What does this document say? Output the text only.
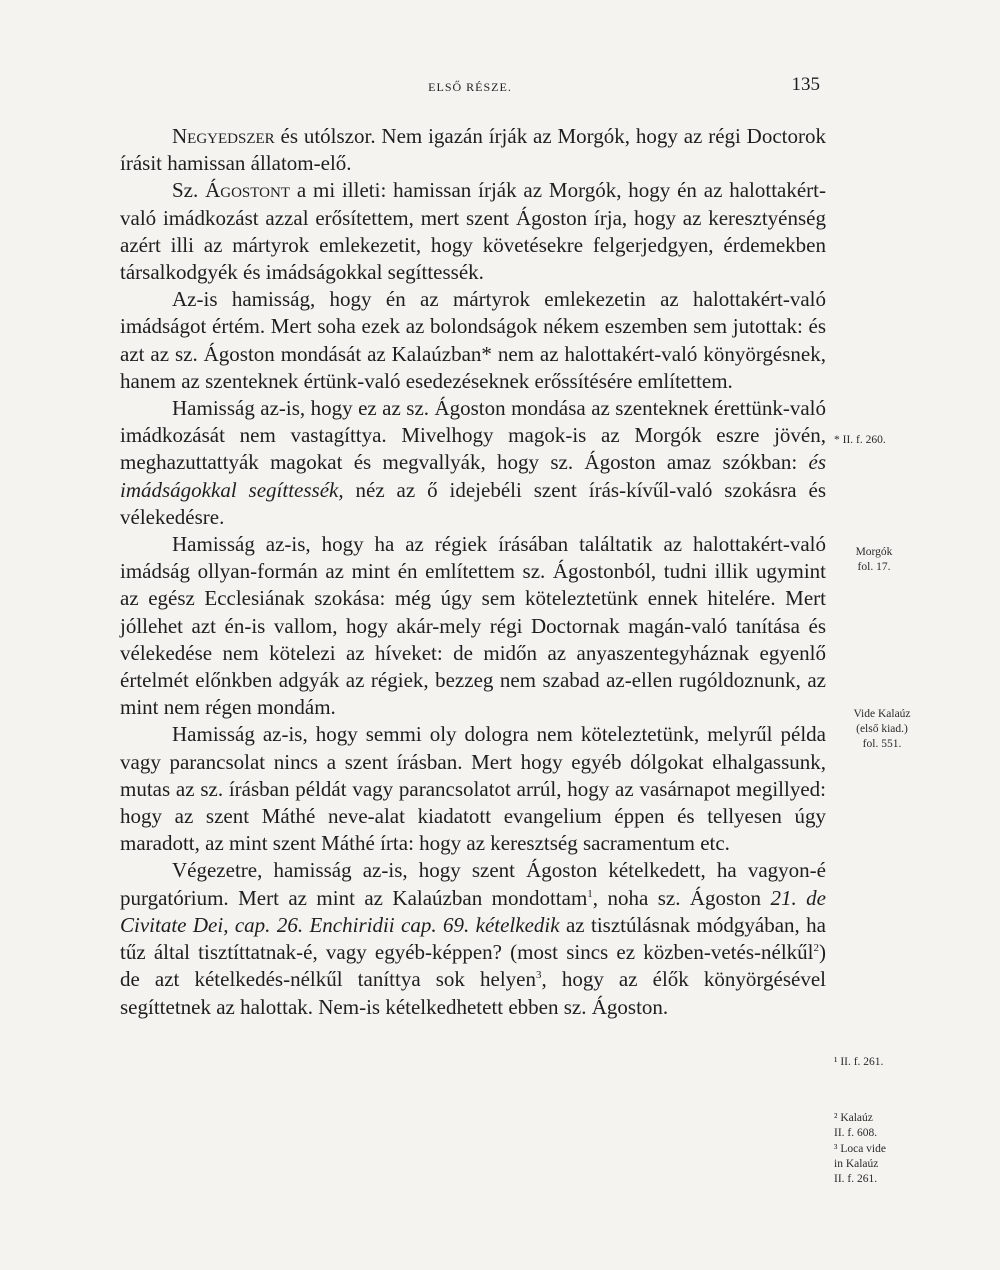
ELSŐ RÉSZE.	135

Negyedszer és utólszor. Nem igazán írják az Morgók, hogy az régi Doctorok írásit hamissan állatom-elő.

Sz. Ágostont a mi illeti: hamissan írják az Morgók, hogy én az halottakért-való imádkozást azzal erősítettem, mert szent Ágoston írja, hogy az keresztyénség azért illi az mártyrok emlekezetit, hogy követésekre felgerjedgyen, érdemekben társalkodgyék és imádságokkal segíttessék.

Az-is hamisság, hogy én az mártyrok emlekezetin az halottakért-való imádságot értém. Mert soha ezek az bolondságok nékem eszemben sem jutottak: és azt az sz. Ágoston mondását az Kalaúzban* nem az halottakért-való könyörgésnek, hanem az szenteknek értünk-való esedezéseknek erőssítésére említettem.

Hamisság az-is, hogy ez az sz. Ágoston mondása az szenteknek érettünk-való imádkozását nem vastagíttya. Mivelhogy magok-is az Morgók eszre jövén, meghazuttattyák magokat és megvallyák, hogy sz. Ágoston amaz szókban: és imádságokkal segíttessék, néz az ő idejebéli szent írás-kívűl-való szokásra és vélekedésre.

Hamisság az-is, hogy ha az régiek írásában találtatik az halottakért-való imádság ollyan-formán az mint én említettem sz. Ágostonból, tudni illik ugymint az egész Ecclesiának szokása: még úgy sem köteleztetünk ennek hitelére. Mert jóllehet azt én-is vallom, hogy akár-mely régi Doctornak magán-való tanítása és vélekedése nem kötelezi az híveket: de midőn az anyaszentegyháznak egyenlő értelmét előnkben adgyák az régiek, bezzeg nem szabad az-ellen rugóldoznunk, az mint nem régen mondám.

Hamisság az-is, hogy semmi oly dologra nem köteleztetünk, melyrűl példa vagy parancsolat nincs a szent írásban. Mert hogy egyéb dólgokat elhalgassunk, mutas az sz. írásban példát vagy parancsolatot arrúl, hogy az vasárnapot megillyed: hogy az szent Máthé neve-alat kiadatott evangelium éppen és tellyesen úgy maradott, az mint szent Máthé írta: hogy az keresztség sacramentum etc.

Végezetre, hamisság az-is, hogy szent Ágoston kételkedett, ha vagyon-é purgatórium. Mert az mint az Kalaúzban mondottam$^1$, noha sz. Ágoston 21. de Civitate Dei, cap. 26. Enchiridii cap. 69. kételkedik az tisztúlásnak módgyában, ha tűz által tisztíttatnak-é, vagy egyéb-képpen? (most sincs ez közben-vetés-nélkűl$^2$) de azt kételkedés-nélkűl taníttya sok helyen$^3$, hogy az élők könyörgésével segíttetnek az halottak. Nem-is kételkedhetett ebben sz. Ágoston.

* II. f. 260.
Morgók
fol. 17.
Vide Kalaúz
(első kiad.)
fol. 551.
¹ II. f. 261.
² Kalaúz
II. f. 608.
³ Loca vide
in Kalaúz
II. f. 261.
